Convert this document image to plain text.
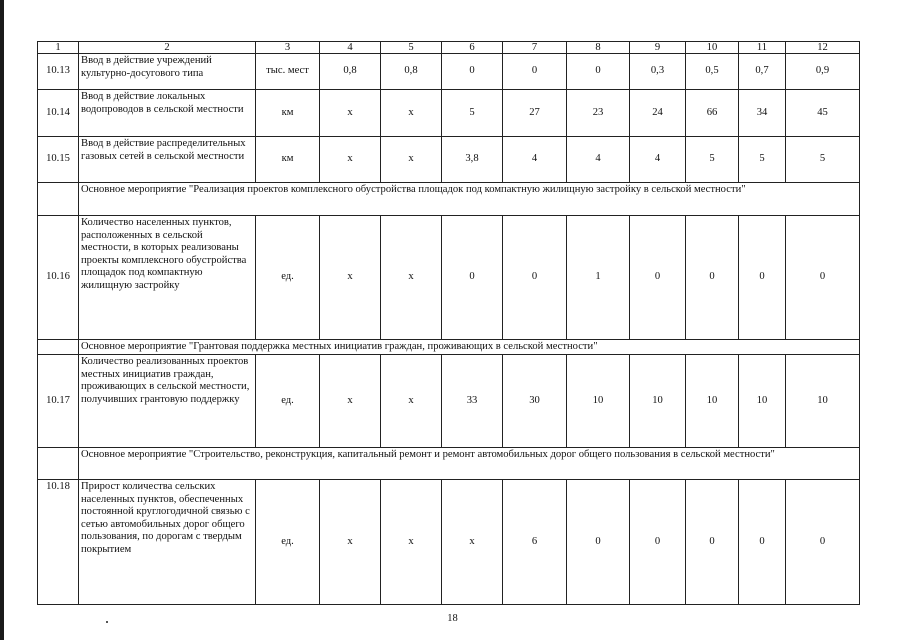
1	2	3	4	5	6	7	8	9	10	11	12
10.13	Ввод в действие учреждений культурно-досугового типа	тыс. мест	0,8	0,8	0	0	0	0,3	0,5	0,7	0,9
10.14	Ввод в действие локальных водопроводов в сельской местности	км	х	х	5	27	23	24	66	34	45
10.15	Ввод в действие распределительных газовых сетей в сельской местности	км	х	х	3,8	4	4	4	5	5	5
	Основное мероприятие "Реализация проектов комплексного обустройства площадок под компактную жилищную застройку в сельской местности"										
10.16	Количество населенных пунктов, расположенных в сельской местности, в которых реализованы проекты комплексного обустройства площадок под компактную жилищную застройку	ед.	х	х	0	0	1	0	0	0	0
	Основное мероприятие "Грантовая поддержка местных инициатив граждан, проживающих в сельской местности"										
10.17	Количество реализованных проектов местных инициатив граждан, проживающих в сельской местности, получивших грантовую поддержку	ед.	х	х	33	30	10	10	10	10	10
	Основное мероприятие "Строительство, реконструкция, капитальный ремонт и ремонт автомобильных дорог общего пользования в сельской местности"										
10.18	Прирост количества сельских населенных пунктов, обеспеченных постоянной круглогодичной связью с сетью автомобильных дорог общего пользования, по дорогам с твердым покрытием	ед.	х	х	х	6	0	0	0	0	0
18
